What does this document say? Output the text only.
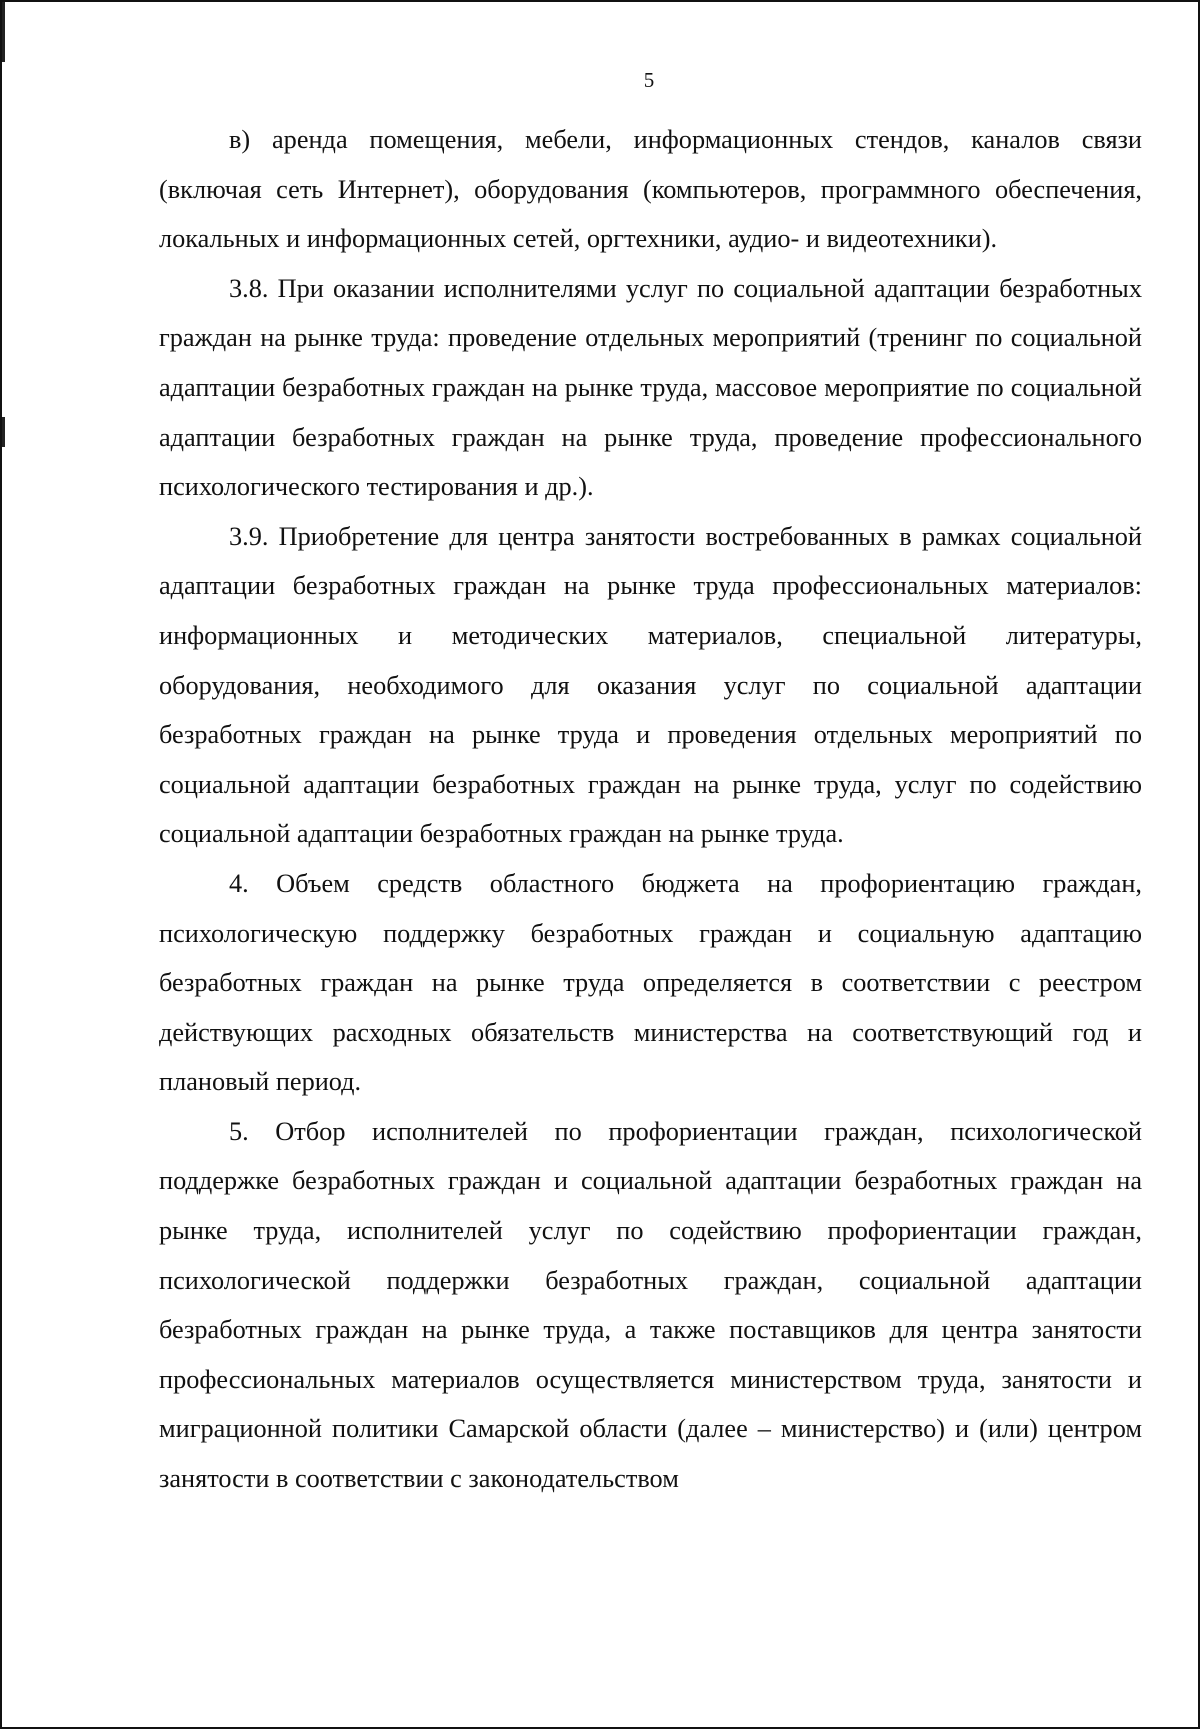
5

в) аренда помещения, мебели, информационных стендов, каналов связи (включая сеть Интернет), оборудования (компьютеров, программного обеспечения, локальных и информационных сетей, оргтехники, аудио- и видеотехники).

3.8. При оказании исполнителями услуг по социальной адаптации безработных граждан на рынке труда: проведение отдельных мероприятий (тренинг по социальной адаптации безработных граждан на рынке труда, массовое мероприятие по социальной адаптации безработных граждан на рынке труда, проведение профессионального психологического тестирования и др.).

3.9. Приобретение для центра занятости востребованных в рамках социальной адаптации безработных граждан на рынке труда профессиональных материалов: информационных и методических материалов, специальной литературы, оборудования, необходимого для оказания услуг по социальной адаптации безработных граждан на рынке труда и проведения отдельных мероприятий по социальной адаптации безработных граждан на рынке труда, услуг по содействию социальной адаптации безработных граждан на рынке труда.

4. Объем средств областного бюджета на профориентацию граждан, психологическую поддержку безработных граждан и социальную адаптацию безработных граждан на рынке труда определяется в соответствии с реестром действующих расходных обязательств министерства на соответствующий год и плановый период.

5. Отбор исполнителей по профориентации граждан, психологической поддержке безработных граждан и социальной адаптации безработных граждан на рынке труда, исполнителей услуг по содействию профориентации граждан, психологической поддержки безработных граждан, социальной адаптации безработных граждан на рынке труда, а также поставщиков для центра занятости профессиональных материалов осуществляется министерством труда, занятости и миграционной политики Самарской области (далее – министерство) и (или) центром занятости в соответствии с законодательством
